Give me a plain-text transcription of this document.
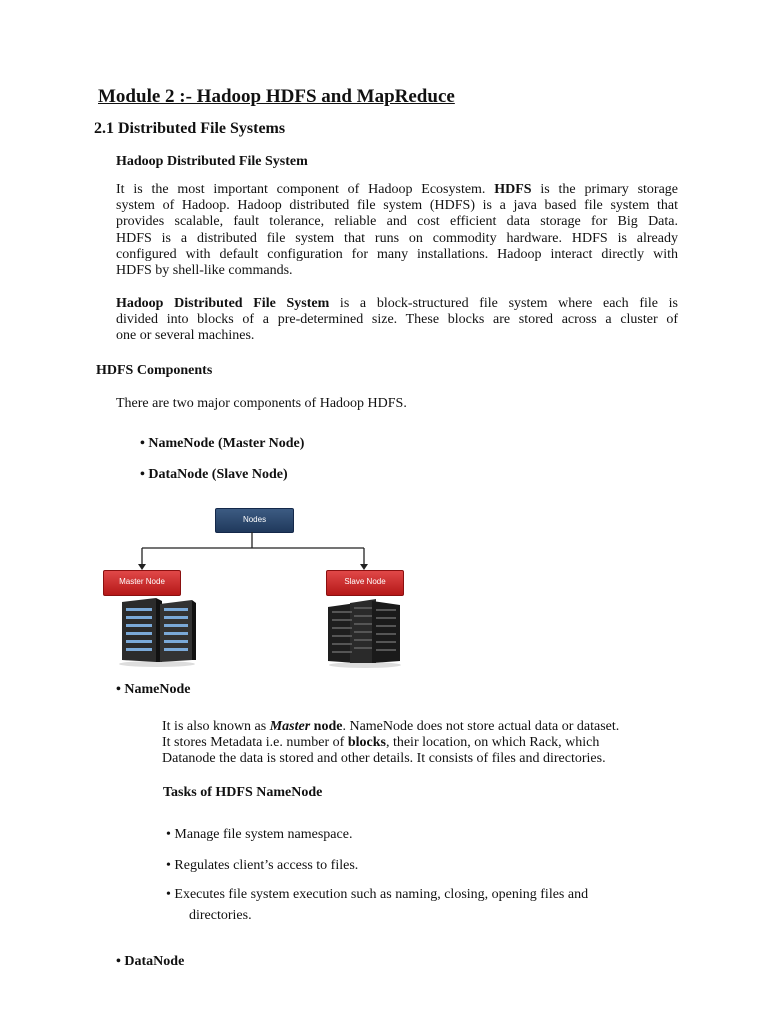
Module 2 :- Hadoop HDFS and MapReduce
2.1 Distributed File Systems
Hadoop Distributed File System
It is the most important component of Hadoop Ecosystem. HDFS is the primary storage
system of Hadoop. Hadoop distributed file system (HDFS) is a java based file system that
provides scalable, fault tolerance, reliable and cost efficient data storage for Big Data.
HDFS is a distributed file system that runs on commodity hardware. HDFS is already
configured with default configuration for many installations. Hadoop interact directly with
HDFS by shell-like commands.
Hadoop Distributed File System is a block-structured file system where each file is
divided into blocks of a pre-determined size. These blocks are stored across a cluster of
one or several machines.
HDFS Components
There are two major components of Hadoop HDFS.
• NameNode (Master Node)
• DataNode (Slave Node)
Nodes
Master Node	Slave Node
• NameNode
It is also known as Master node. NameNode does not store actual data or dataset.
It stores Metadata i.e. number of blocks, their location, on which Rack, which
Datanode the data is stored and other details. It consists of files and directories.
Tasks of HDFS NameNode
• Manage file system namespace.
• Regulates client’s access to files.
• Executes file system execution such as naming, closing, opening files and
directories.
• DataNode
